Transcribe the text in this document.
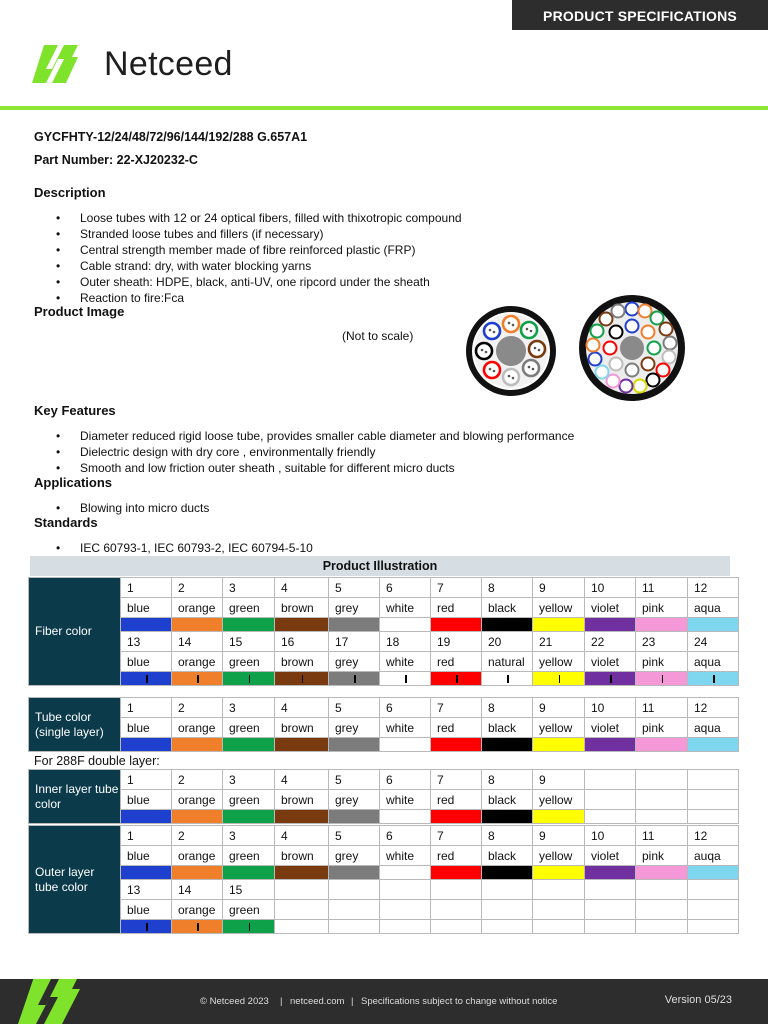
PRODUCT SPECIFICATIONS
Netceed
GYCFHTY-12/24/48/72/96/144/192/288 G.657A1
Part Number: 22-XJ20232-C
Description
• Loose tubes with 12 or 24 optical fibers, filled with thixotropic compound
• Stranded loose tubes and fillers (if necessary)
• Central strength member made of fibre reinforced plastic (FRP)
• Cable strand: dry, with water blocking yarns
• Outer sheath: HDPE, black, anti-UV, one ripcord under the sheath
• Reaction to fire:Fca
Product Image
(Not to scale)
Key Features
• Diameter reduced rigid loose tube, provides smaller cable diameter and blowing performance
• Dielectric design with dry core , environmentally friendly
• Smooth and low friction outer sheath , suitable for different micro ducts
Applications
• Blowing into micro ducts
Standards
• IEC 60793-1, IEC 60793-2, IEC 60794-5-10
Product Illustration
Fiber color	1	2	3	4	5	6	7	8	9	10	11	12
	blue	orange	green	brown	grey	white	red	black	yellow	violet	pink	aqua

	13	14	15	16	17	18	19	20	21	22	23	24
	blue	orange	green	brown	grey	white	red	natural	yellow	violet	pink	aqua

Tube color (single layer)	1	2	3	4	5	6	7	8	9	10	11	12
	blue	orange	green	brown	grey	white	red	black	yellow	violet	pink	aqua

For 288F double layer:
Inner layer tube color	1	2	3	4	5	6	7	8	9			
	blue	orange	green	brown	grey	white	red	black	yellow			

Outer layer tube color	1	2	3	4	5	6	7	8	9	10	11	12
	blue	orange	green	brown	grey	white	red	black	yellow	violet	pink	auqa

	13	14	15									
	blue	orange	green									

© Netceed 2023 | netceed.com | Specifications subject to change without notice	Version 05/23
